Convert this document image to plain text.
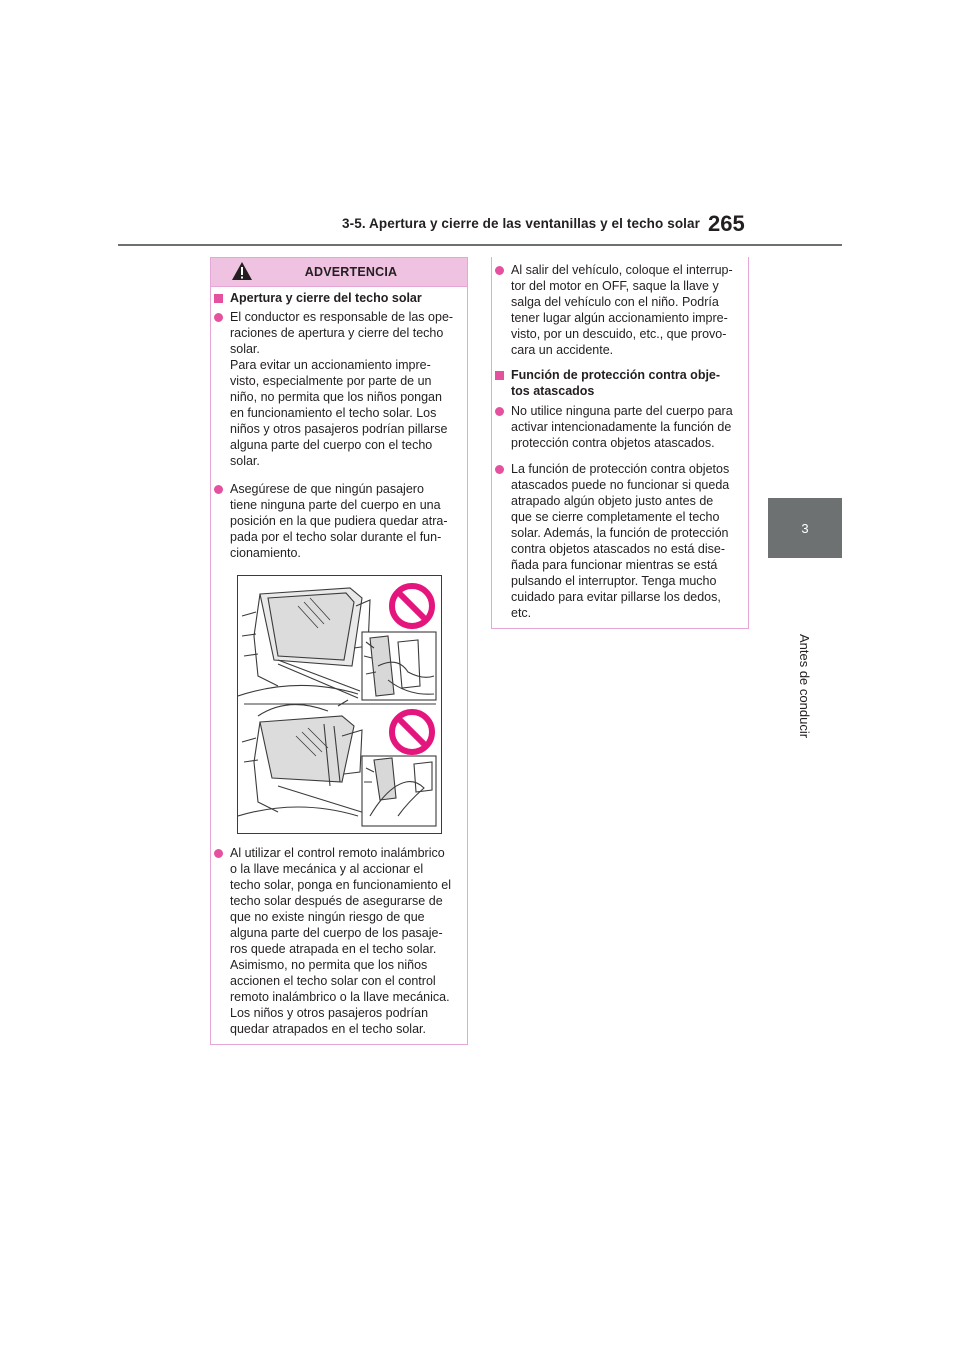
3-5. Apertura y cierre de las ventanillas y el techo solar 265
3
Antes de conducir
ADVERTENCIA
Apertura y cierre del techo solar
El conductor es responsable de las ope-
raciones de apertura y cierre del techo
solar.
Para evitar un accionamiento impre-
visto, especialmente por parte de un
niño, no permita que los niños pongan
en funcionamiento el techo solar. Los
niños y otros pasajeros podrían pillarse
alguna parte del cuerpo con el techo
solar.
Asegúrese de que ningún pasajero
tiene ninguna parte del cuerpo en una
posición en la que pudiera quedar atra-
pada por el techo solar durante el fun-
cionamiento.
Al utilizar el control remoto inalámbrico
o la llave mecánica y al accionar el
techo solar, ponga en funcionamiento el
techo solar después de asegurarse de
que no existe ningún riesgo de que
alguna parte del cuerpo de los pasaje-
ros quede atrapada en el techo solar.
Asimismo, no permita que los niños
accionen el techo solar con el control
remoto inalámbrico o la llave mecánica.
Los niños y otros pasajeros podrían
quedar atrapados en el techo solar.
Al salir del vehículo, coloque el interrup-
tor del motor en OFF, saque la llave y
salga del vehículo con el niño. Podría
tener lugar algún accionamiento impre-
visto, por un descuido, etc., que provo-
cara un accidente.
Función de protección contra obje-
tos atascados
No utilice ninguna parte del cuerpo para
activar intencionadamente la función de
protección contra objetos atascados.
La función de protección contra objetos
atascados puede no funcionar si queda
atrapado algún objeto justo antes de
que se cierre completamente el techo
solar. Además, la función de protección
contra objetos atascados no está dise-
ñada para funcionar mientras se está
pulsando el interruptor. Tenga mucho
cuidado para evitar pillarse los dedos,
etc.
